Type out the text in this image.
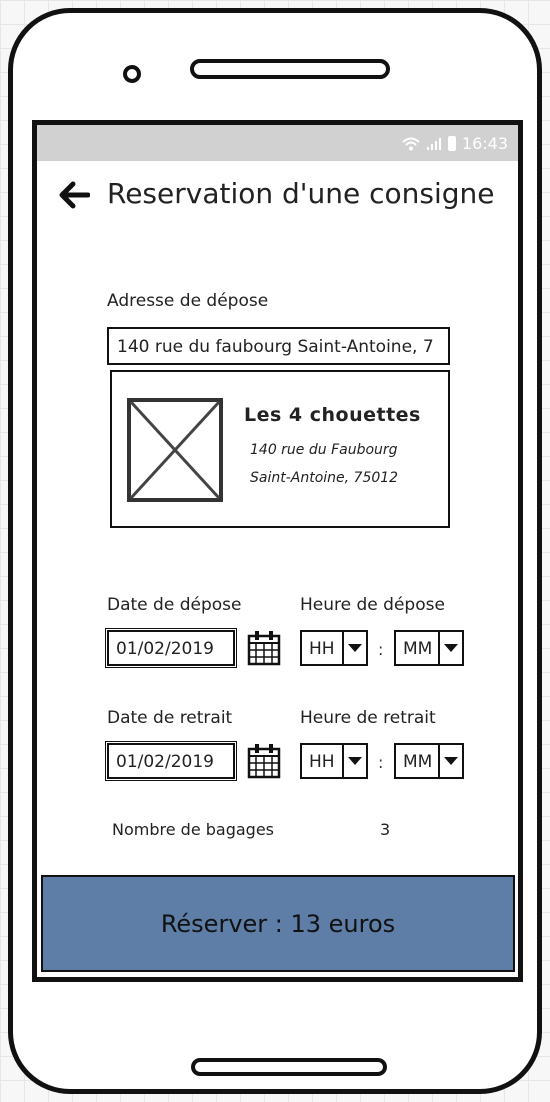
16:43
Reservation d'une consigne
Adresse de dépose
140 rue du faubourg Saint-Antoine, 7
Les 4 chouettes
140 rue du Faubourg
Saint-Antoine, 75012
Date de dépose	Heure de dépose
01/02/2019	HH	: MM
Date de retrait	Heure de retrait
01/02/2019	HH	: MM
Nombre de bagages	3
Réserver : 13 euros
